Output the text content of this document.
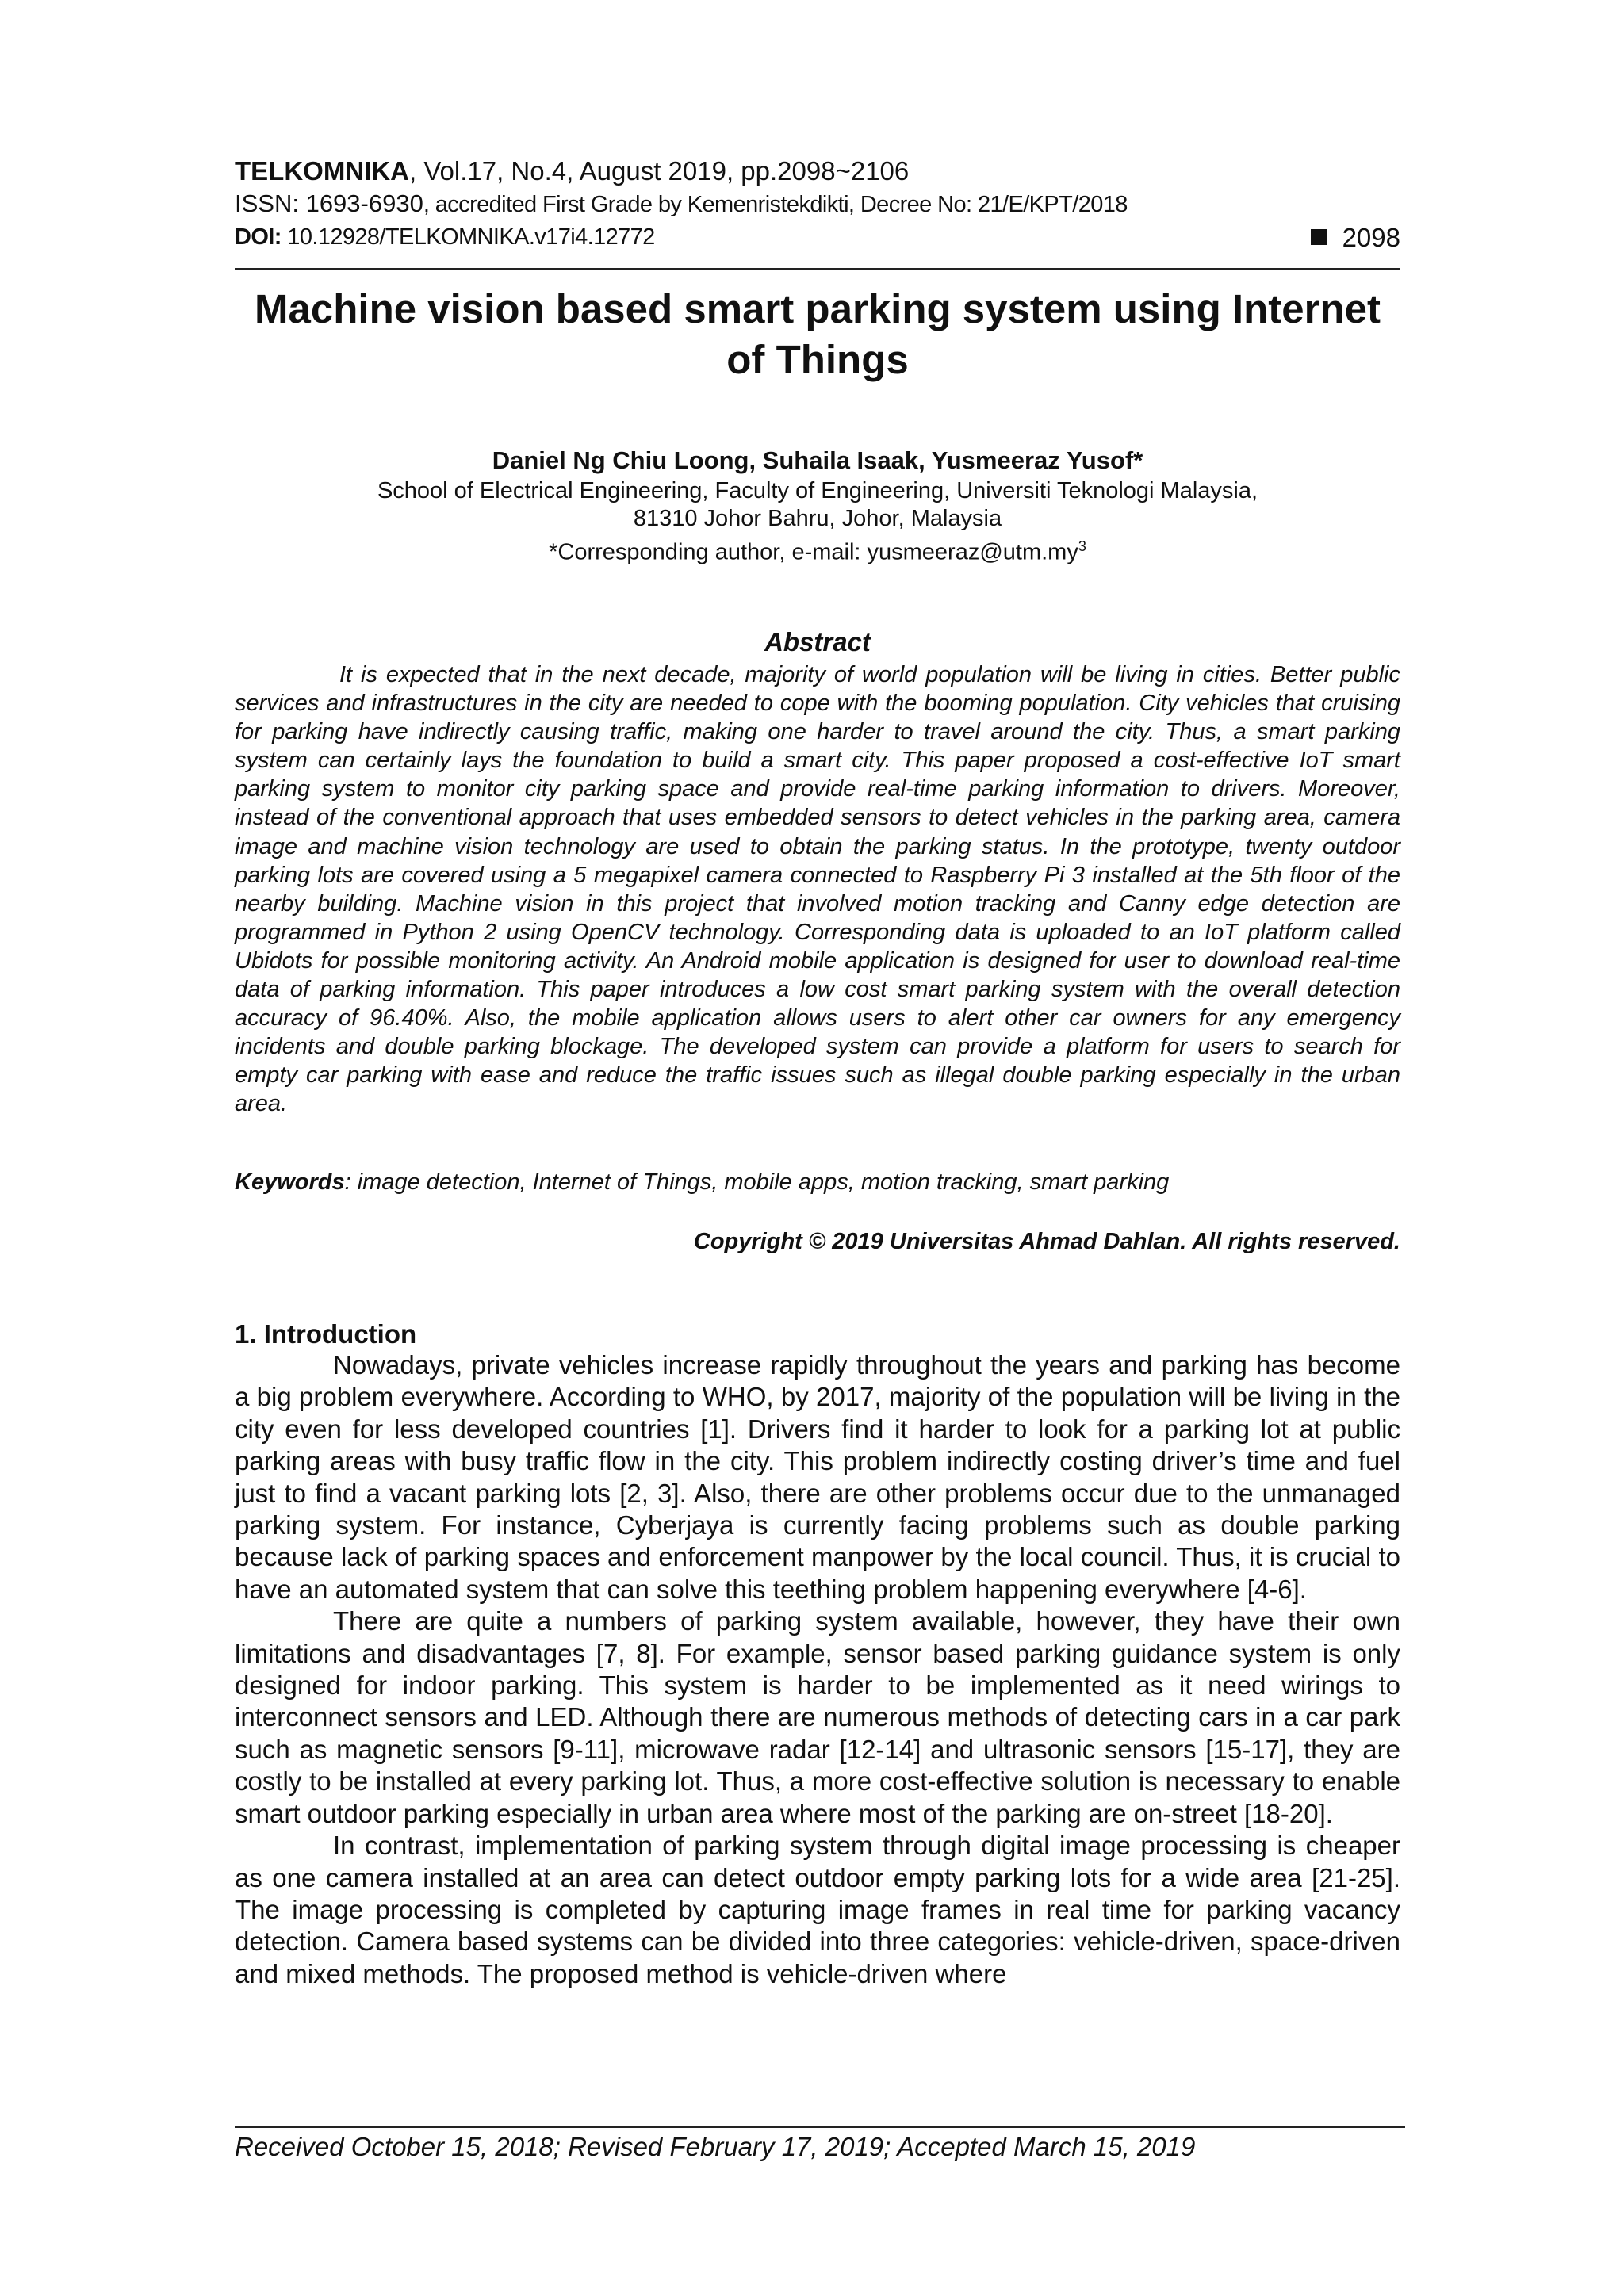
TELKOMNIKA, Vol.17, No.4, August 2019, pp.2098~2106
ISSN: 1693-6930, accredited First Grade by Kemenristekdikti, Decree No: 21/E/KPT/2018
DOI: 10.12928/TELKOMNIKA.v17i4.12772	2098
Machine vision based smart parking system using Internet of Things
Daniel Ng Chiu Loong, Suhaila Isaak, Yusmeeraz Yusof*
School of Electrical Engineering, Faculty of Engineering, Universiti Teknologi Malaysia,
81310 Johor Bahru, Johor, Malaysia
*Corresponding author, e-mail: $yusmeeraz@utm.my^3$
Abstract

It is expected that in the next decade, majority of world population will be living in cities. Better public services and infrastructures in the city are needed to cope with the booming population. City vehicles that cruising for parking have indirectly causing traffic, making one harder to travel around the city. Thus, a smart parking system can certainly lays the foundation to build a smart city. This paper proposed a cost-effective IoT smart parking system to monitor city parking space and provide real-time parking information to drivers. Moreover, instead of the conventional approach that uses embedded sensors to detect vehicles in the parking area, camera image and machine vision technology are used to obtain the parking status. In the prototype, twenty outdoor parking lots are covered using a 5 megapixel camera connected to Raspberry Pi 3 installed at the 5th floor of the nearby building. Machine vision in this project that involved motion tracking and Canny edge detection are programmed in Python 2 using OpenCV technology. Corresponding data is uploaded to an IoT platform called Ubidots for possible monitoring activity. An Android mobile application is designed for user to download real-time data of parking information. This paper introduces a low cost smart parking system with the overall detection accuracy of 96.40%. Also, the mobile application allows users to alert other car owners for any emergency incidents and double parking blockage. The developed system can provide a platform for users to search for empty car parking with ease and reduce the traffic issues such as illegal double parking especially in the urban area.

Keywords: image detection, Internet of Things, mobile apps, motion tracking, smart parking
Copyright © 2019 Universitas Ahmad Dahlan. All rights reserved.
1. Introduction

Nowadays, private vehicles increase rapidly throughout the years and parking has become a big problem everywhere. According to WHO, by 2017, majority of the population will be living in the city even for less developed countries [1]. Drivers find it harder to look for a parking lot at public parking areas with busy traffic flow in the city. This problem indirectly costing driver’s time and fuel just to find a vacant parking lots [2, 3]. Also, there are other problems occur due to the unmanaged parking system. For instance, Cyberjaya is currently facing problems such as double parking because lack of parking spaces and enforcement manpower by the local council. Thus, it is crucial to have an automated system that can solve this teething problem happening everywhere [4-6].

There are quite a numbers of parking system available, however, they have their own limitations and disadvantages [7, 8]. For example, sensor based parking guidance system is only designed for indoor parking. This system is harder to be implemented as it need wirings to interconnect sensors and LED. Although there are numerous methods of detecting cars in a car park such as magnetic sensors [9-11], microwave radar [12-14] and ultrasonic sensors [15-17], they are costly to be installed at every parking lot. Thus, a more cost-effective solution is necessary to enable smart outdoor parking especially in urban area where most of the parking are on-street [18-20].

In contrast, implementation of parking system through digital image processing is cheaper as one camera installed at an area can detect outdoor empty parking lots for a wide area [21-25]. The image processing is completed by capturing image frames in real time for parking vacancy detection. Camera based systems can be divided into three categories: vehicle-driven, space-driven and mixed methods. The proposed method is vehicle-driven where

Received October 15, 2018; Revised February 17, 2019; Accepted March 15, 2019
